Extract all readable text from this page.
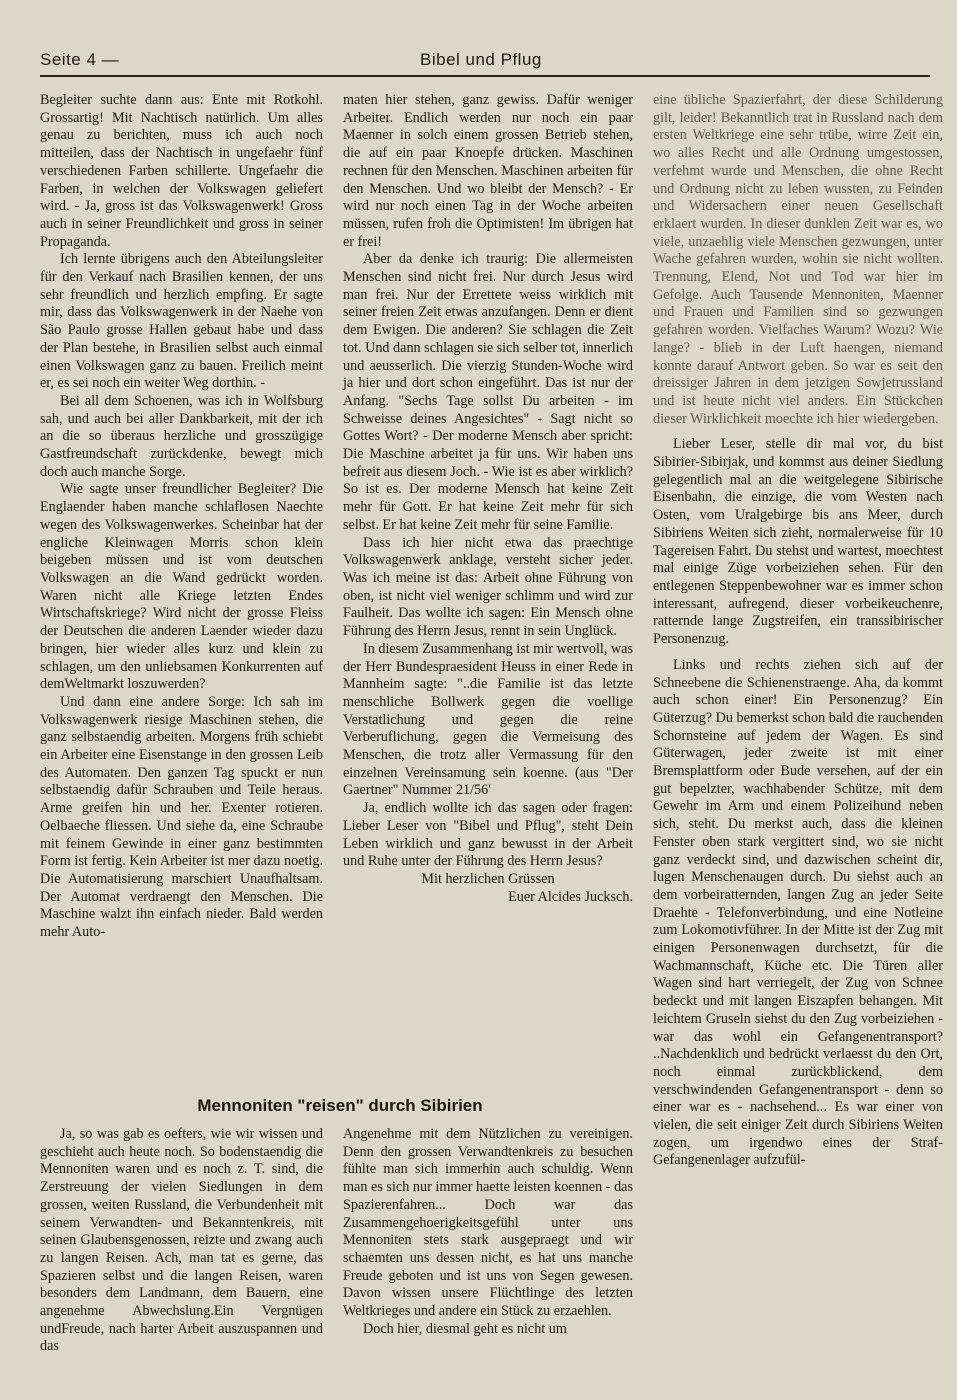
Seite 4 —	Bibel und Pflug

Begleiter suchte dann aus: Ente mit Rotkohl. Grossartig! Mit Nachtisch natürlich. Um alles genau zu berichten, muss ich auch noch mitteilen, dass der Nachtisch in ungefaehr fünf verschiedenen Farben schillerte. Ungefaehr die Farben, in welchen der Volkswagen geliefert wird. - Ja, gross ist das Volkswagenwerk! Gross auch in seiner Freundlichkeit und gross in seiner Propaganda.

Ich lernte übrigens auch den Abteilungsleiter für den Verkauf nach Brasilien kennen, der uns sehr freundlich und herzlich empfing. Er sagte mir, dass das Volkswagenwerk in der Naehe von São Paulo grosse Hallen gebaut habe und dass der Plan bestehe, in Brasilien selbst auch einmal einen Volkswagen ganz zu bauen. Freilich meint er, es sei noch ein weiter Weg dorthin. -

Bei all dem Schoenen, was ich in Wolfsburg sah, und auch bei aller Dankbarkeit, mit der ich an die so überaus herzliche und grosszügige Gastfreundschaft zurückdenke, bewegt mich doch auch manche Sorge.

Wie sagte unser freundlicher Begleiter? Die Englaender haben manche schlaflosen Naechte wegen des Volkswagenwerkes. Scheinbar hat der engliche Kleinwagen Morris schon klein beigeben müssen und ist vom deutschen Volkswagen an die Wand gedrückt worden. Waren nicht alle Kriege letzten Endes Wirtschaftskriege? Wird nicht der grosse Fleiss der Deutschen die anderen Laender wieder dazu bringen, hier wieder alles kurz und klein zu schlagen, um den unliebsamen Konkurrenten auf demWeltmarkt loszuwerden?

Und dann eine andere Sorge: Ich sah im Volkswagenwerk riesige Maschinen stehen, die ganz selbstaendig arbeiten. Morgens früh schiebt ein Arbeiter eine Eisenstange in den grossen Leib des Automaten. Den ganzen Tag spuckt er nun selbstaendig dafür Schrauben und Teile heraus. Arme greifen hin und her. Exenter rotieren. Oelbaeche fliessen. Und siehe da, eine Schraube mit feinem Gewinde in einer ganz bestimmten Form ist fertig. Kein Arbeiter ist mer dazu noetig. Die Automatisierung marschiert Unaufhaltsam. Der Automat verdraengt den Menschen. Die Maschine walzt ihn einfach nieder. Bald werden mehr Auto-

maten hier stehen, ganz gewiss. Dafür weniger Arbeiter. Endlich werden nur noch ein paar Maenner in solch einem grossen Betrieb stehen, die auf ein paar Knoepfe drücken. Maschinen rechnen für den Menschen. Maschinen arbeiten für den Menschen. Und wo bleibt der Mensch? - Er wird nur noch einen Tag in der Woche arbeiten müssen, rufen froh die Optimisten! Im übrigen hat er frei!

Aber da denke ich traurig: Die allermeisten Menschen sind nicht frei. Nur durch Jesus wird man frei. Nur der Errettete weiss wirklich mit seiner freien Zeit etwas anzufangen. Denn er dient dem Ewigen. Die anderen? Sie schlagen die Zeit tot. Und dann schlagen sie sich selber tot, innerlich und aeusserlich. Die vierzig Stunden-Woche wird ja hier und dort schon eingeführt. Das ist nur der Anfang. "Sechs Tage sollst Du arbeiten - im Schweisse deines Angesichtes" - Sagt nicht so Gottes Wort? - Der moderne Mensch aber spricht: Die Maschine arbeitet ja für uns. Wir haben uns befreit aus diesem Joch. - Wie ist es aber wirklich? So ist es. Der moderne Mensch hat keine Zeit mehr für Gott. Er hat keine Zeit mehr für sich selbst. Er hat keine Zeit mehr für seine Familie.

Dass ich hier nicht etwa das praechtige Volkswagenwerk anklage, versteht sicher jeder. Was ich meine ist das: Arbeit ohne Führung von oben, ist nicht viel weniger schlimm und wird zur Faulheit. Das wollte ich sagen: Ein Mensch ohne Führung des Herrn Jesus, rennt in sein Unglück.

In diesem Zusammenhang ist mir wertvoll, was der Herr Bundespraesident Heuss in einer Rede in Mannheim sagte: "..die Familie ist das letzte menschliche Bollwerk gegen die voellige Verstatlichung und gegen die reine Verberuflichung, gegen die Vermeisung des Menschen, die trotz aller Vermassung für den einzelnen Vereinsamung sein koenne. (aus "Der Gaertner" Nummer 21/56'

Ja, endlich wollte ich das sagen oder fragen: Lieber Leser von "Bibel und Pflug", steht Dein Leben wirklich und ganz bewusst in der Arbeit und Ruhe unter der Führung des Herrn Jesus?

Mit herzlichen Grüssen

Euer Alcides Jucksch.

Mennoniten "reisen" durch Sibirien

Ja, so was gab es oefters, wie wir wissen und geschieht auch heute noch. So bodenstaendig die Mennoniten waren und es noch z. T. sind, die Zerstreuung der vielen Siedlungen in dem grossen, weiten Russland, die Verbundenheit mit seinem Verwandten- und Bekanntenkreis, mit seinen Glaubensgenossen, reizte und zwang auch zu langen Reisen. Ach, man tat es gerne, das Spazieren selbst und die langen Reisen, waren besonders dem Landmann, dem Bauern, eine angenehme Abwechslung.Ein Vergnügen undFreude, nach harter Arbeit auszuspannen und das

Angenehme mit dem Nützlichen zu vereinigen. Denn den grossen Verwandtenkreis zu besuchen fühlte man sich immerhin auch schuldig. Wenn man es sich nur immer haette leisten koennen - das Spazierenfahren... Doch war das Zusammengehoerigkeitsgefühl unter uns Mennoniten stets stark ausgepraegt und wir schaemten uns dessen nicht, es hat uns manche Freude geboten und ist uns von Segen gewesen. Davon wissen unsere Flüchtlinge des letzten Weltkrieges und andere ein Stück zu erzaehlen.

Doch hier, diesmal geht es nicht um

eine übliche Spazierfahrt, der diese Schilderung gilt, leider! Bekanntlich trat in Russland nach dem ersten Weltkriege eine sehr trübe, wirre Zeit ein, wo alles Recht und alle Ordnung umgestossen, verfehmt wurde und Menschen, die ohne Recht und Ordnung nicht zu leben wussten, zu Feinden und Widersachern einer neuen Gesellschaft erklaert wurden. In dieser dunklen Zeit war es, wo viele, unzaehlig viele Menschen gezwungen, unter Wache gefahren wurden, wohin sie nicht wollten. Trennung, Elend, Not und Tod war hier im Gefolge. Auch Tausende Mennoniten, Maenner und Frauen und Familien sind so gezwungen gefahren worden. Vielfaches Warum? Wozu? Wie lange? - blieb in der Luft haengen, niemand konnte darauf Antwort geben. So war es seit den dreissiger Jahren in dem jetzigen Sowjetrussland und ist heute nicht viel anders. Ein Stückchen dieser Wirklichkeit moechte ich hier wiedergeben.

Lieber Leser, stelle dir mal vor, du bist Sibirier-Sibirjak, und kommst aus deiner Siedlung gelegentlich mal an die weitgelegene Sibirische Eisenbahn, die einzige, die vom Westen nach Osten, vom Uralgebirge bis ans Meer, durch Sibiriens Weiten sich zieht, normalerweise für 10 Tagereisen Fahrt. Du stehst und wartest, moechtest mal einige Züge vorbeiziehen sehen. Für den entlegenen Steppenbewohner war es immer schon interessant, aufregend, dieser vorbeikeuchenre, ratternde lange Zugstreifen, ein transsibirischer Personenzug.

Links und rechts ziehen sich auf der Schneebene die Schienenstraenge. Aha, da kommt auch schon einer! Ein Personenzug? Ein Güterzug? Du bemerkst schon bald die rauchenden Schornsteine auf jedem der Wagen. Es sind Güterwagen, jeder zweite ist mit einer Bremsplattform oder Bude versehen, auf der ein gut bepelzter, wachhabender Schütze, mit dem Gewehr im Arm und einem Polizeihund neben sich, steht. Du merkst auch, dass die kleinen Fenster oben stark vergittert sind, wo sie nicht ganz verdeckt sind, und dazwischen scheint dir, lugen Menschenaugen durch. Du siehst auch an dem vorbeiratternden, langen Zug an jeder Seite Draehte - Telefonverbindung, und eine Notleine zum Lokomotivführer. In der Mitte ist der Zug mit einigen Personenwagen durchsetzt, für die Wachmannschaft, Küche etc. Die Türen aller Wagen sind hart verriegelt, der Zug von Schnee bedeckt und mit langen Eiszapfen behangen. Mit leichtem Gruseln siehst du den Zug vorbeiziehen - war das wohl ein Gefangenentransport? ..Nachdenklich und bedrückt verlaesst du den Ort, noch einmal zurückblickend, dem verschwindenden Gefangenentransport - denn so einer war es - nachsehend... Es war einer von vielen, die seit einiger Zeit durch Sibiriens Weiten zogen, um irgendwo eines der Straf-Gefangenenlager aufzufül-
